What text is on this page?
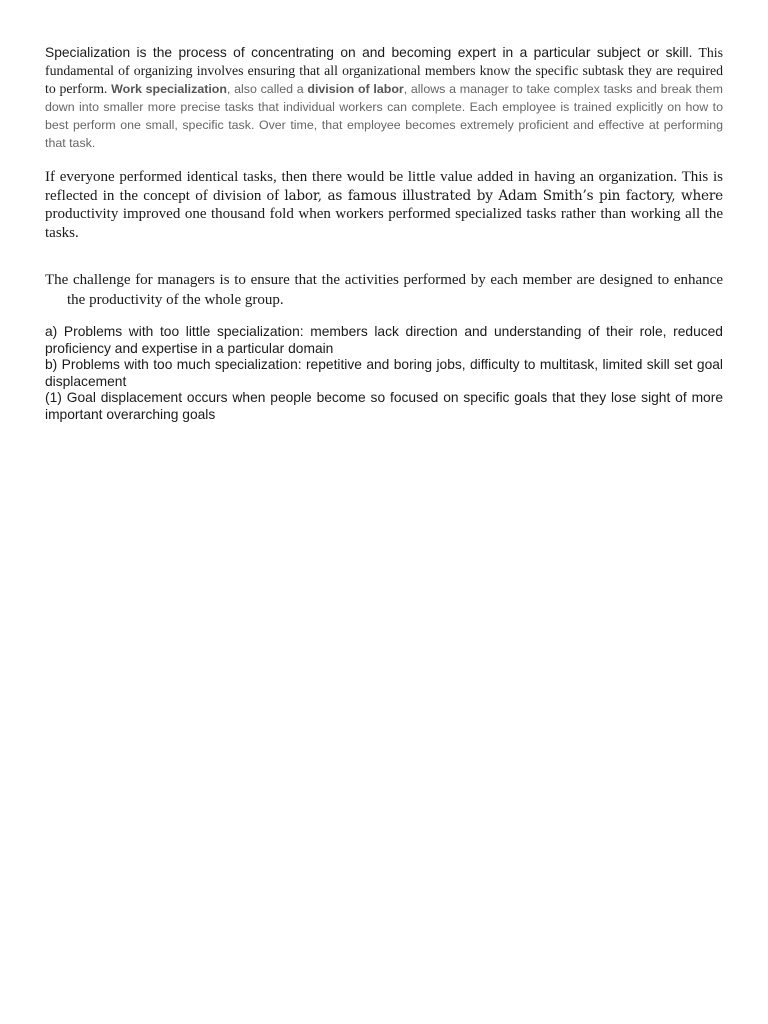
Specialization is the process of concentrating on and becoming expert in a particular subject or skill. This fundamental of organizing involves ensuring that all organizational members know the specific subtask they are required to perform. Work specialization, also called a division of labor, allows a manager to take complex tasks and break them down into smaller more precise tasks that individual workers can complete. Each employee is trained explicitly on how to best perform one small, specific task. Over time, that employee becomes extremely proficient and effective at performing that task.

If everyone performed identical tasks, then there would be little value added in having an organization. This is reflected in the concept of division of labor, as famous illustrated by Adam Smith’s pin factory, where productivity improved one thousand fold when workers performed specialized tasks rather than working all the tasks.

The challenge for managers is to ensure that the activities performed by each member are designed to enhance the productivity of the whole group.

a) Problems with too little specialization: members lack direction and understanding of their role, reduced proficiency and expertise in a particular domain

b) Problems with too much specialization: repetitive and boring jobs, difficulty to multitask, limited skill set goal displacement

(1) Goal displacement occurs when people become so focused on specific goals that they lose sight of more important overarching goals
